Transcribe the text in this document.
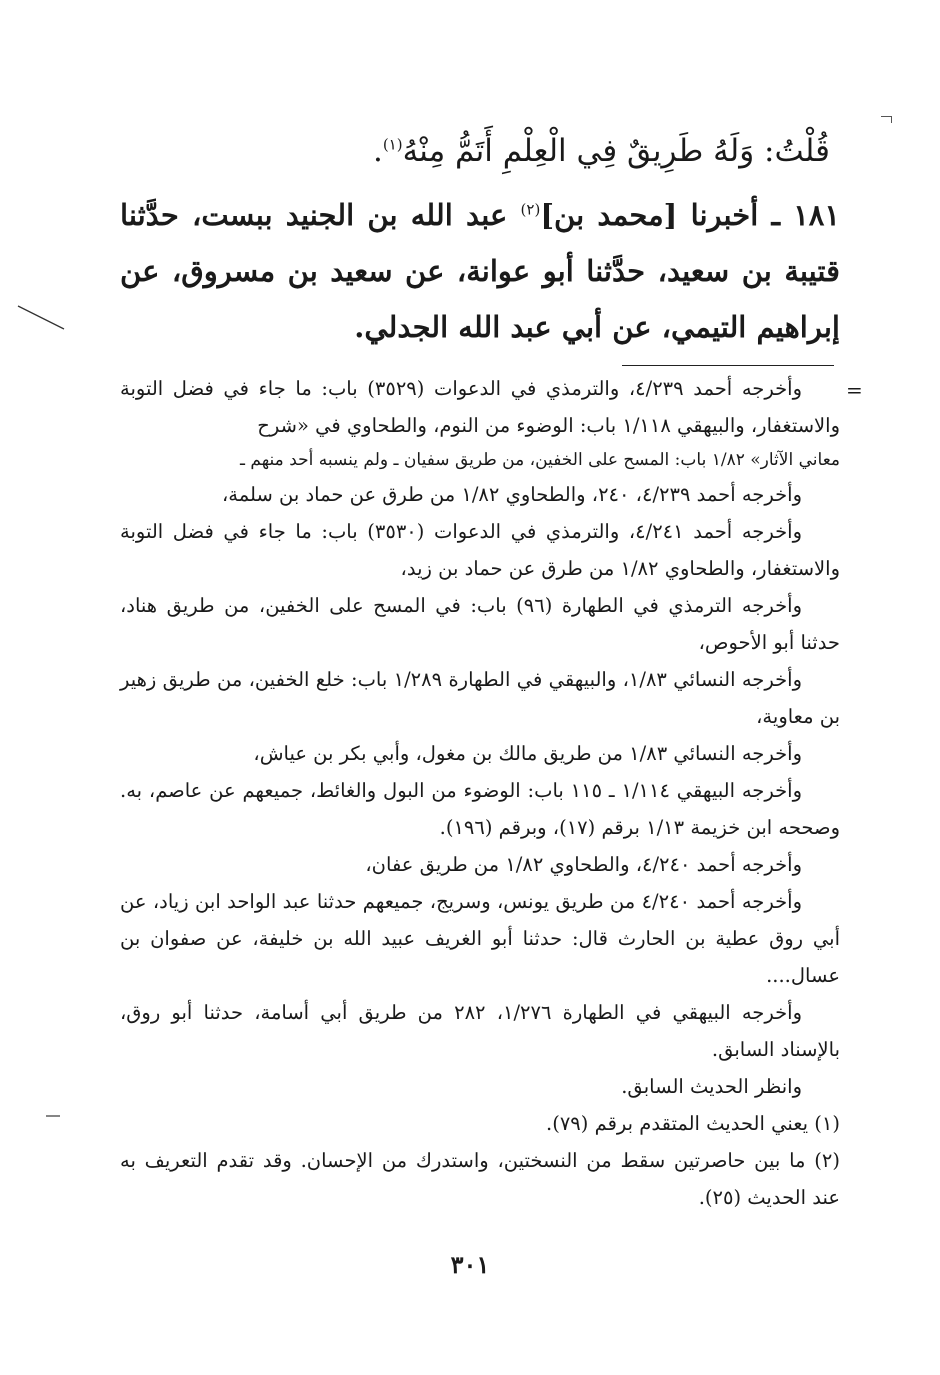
قُلْتُ: وَلَهُ طَرِيقٌ فِي الْعِلْمِ أَتَمُّ مِنْهُ$^{(١)}$.

١٨١ ـ أخبرنا [محمد بن]$^{(٢)}$ عبد الله بن الجنيد ببست، حدَّثنا قتيبة بن سعيد، حدَّثنا أبو عوانة، عن سعيد بن مسروق، عن إبراهيم التيمي، عن أبي عبد الله الجدلي.

=

وأخرجه أحمد ٤/٢٣٩، والترمذي في الدعوات (٣٥٢٩) باب: ما جاء في فضل التوبة والاستغفار، والبيهقي ١/١١٨ باب: الوضوء من النوم، والطحاوي في «شرح

معاني الآثار» ١/٨٢ باب: المسح على الخفين، من طريق سفيان ـ ولم ينسبه أحد منهم ـ

وأخرجه أحمد ٤/٢٣٩، ٢٤٠، والطحاوي ١/٨٢ من طرق عن حماد بن سلمة،

وأخرجه أحمد ٤/٢٤١، والترمذي في الدعوات (٣٥٣٠) باب: ما جاء في فضل التوبة والاستغفار، والطحاوي ١/٨٢ من طرق عن حماد بن زيد،

وأخرجه الترمذي في الطهارة (٩٦) باب: في المسح على الخفين، من طريق هناد، حدثنا أبو الأحوص،

وأخرجه النسائي ١/٨٣، والبيهقي في الطهارة ١/٢٨٩ باب: خلع الخفين، من طريق زهير بن معاوية،

وأخرجه النسائي ١/٨٣ من طريق مالك بن مغول، وأبي بكر بن عياش،

وأخرجه البيهقي ١/١١٤ ـ ١١٥ باب: الوضوء من البول والغائط، جميعهم عن عاصم، به. وصححه ابن خزيمة ١/١٣ برقم (١٧)، وبرقم (١٩٦).

وأخرجه أحمد ٤/٢٤٠، والطحاوي ١/٨٢ من طريق عفان،

وأخرجه أحمد ٤/٢٤٠ من طريق يونس، وسريج، جميعهم حدثنا عبد الواحد ابن زياد، عن أبي روق عطية بن الحارث قال: حدثنا أبو الغريف عبيد الله بن خليفة، عن صفوان بن عسال....

وأخرجه البيهقي في الطهارة ١/٢٧٦، ٢٨٢ من طريق أبي أسامة، حدثنا أبو روق، بالإسناد السابق.

وانظر الحديث السابق.

(١) يعني الحديث المتقدم برقم (٧٩).

(٢) ما بين حاصرتين سقط من النسختين، واستدرك من الإحسان. وقد تقدم التعريف به عند الحديث (٢٥).

٣٠١
